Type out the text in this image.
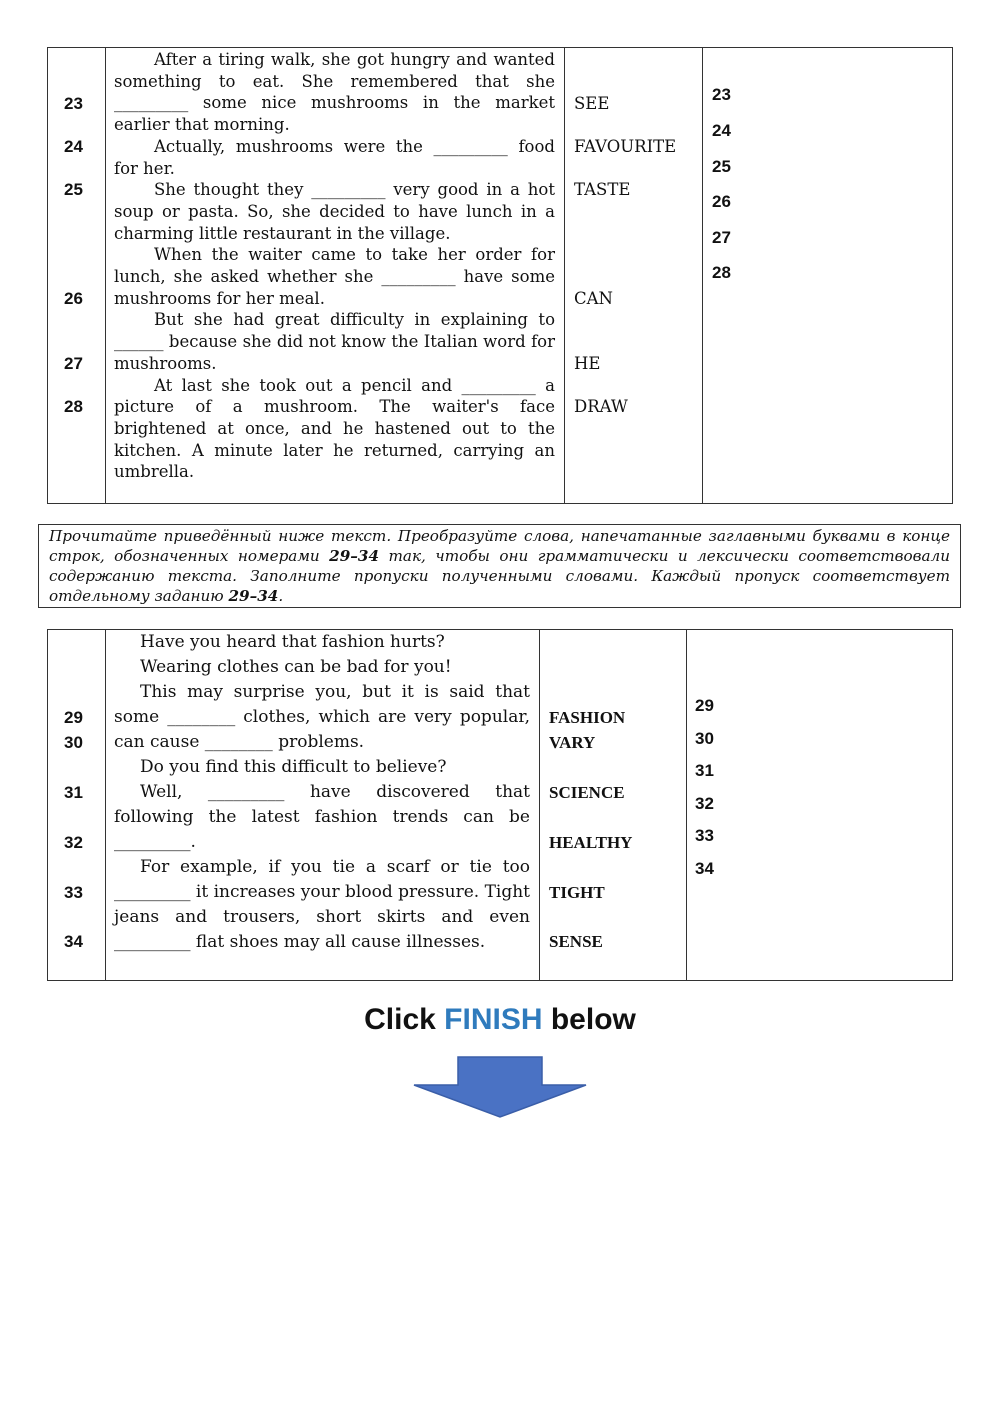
After a tiring walk, she got hungry and wanted something to eat. She remembered that she _________ some nice mushrooms in the market earlier that morning.

Actually, mushrooms were the _________ food for her.

She thought they _________ very good in a hot soup or pasta. So, she decided to have lunch in a charming little restaurant in the village.

When the waiter came to take her order for lunch, she asked whether she _________ have some mushrooms for her meal.

But she had great difficulty in explaining to ______ because she did not know the Italian word for mushrooms.

At last she took out a pencil and _________ a picture of a mushroom. The waiter's face brightened at once, and he hastened out to the kitchen. A minute later he returned, carrying an umbrella.

23
24
25
26
27
28
SEE
FAVOURITE
TASTE
CAN
HE
DRAW
23
24
25
26
27
28
Прочитайте приведённый ниже текст. Преобразуйте слова, напечатанные заглавными буквами в конце строк, обозначенных номерами 29–34 так, чтобы они грамматически и лексически соответствовали содержанию текста. Заполните пропуски полученными словами. Каждый пропуск соответствует отдельному заданию 29–34.

Have you heard that fashion hurts?

Wearing clothes can be bad for you!

This may surprise you, but it is said that some ________ clothes, which are very popular, can cause ________ problems.

Do you find this difficult to believe?

Well, _________ have discovered that following the latest fashion trends can be _________.

For example, if you tie a scarf or tie too _________ it increases your blood pressure. Tight jeans and trousers, short skirts and even _________ flat shoes may all cause illnesses.

29
30
31
32
33
34
FASHION
VARY
SCIENCE
HEALTHY
TIGHT
SENSE
29
30
31
32
33
34
Click FINISH below
